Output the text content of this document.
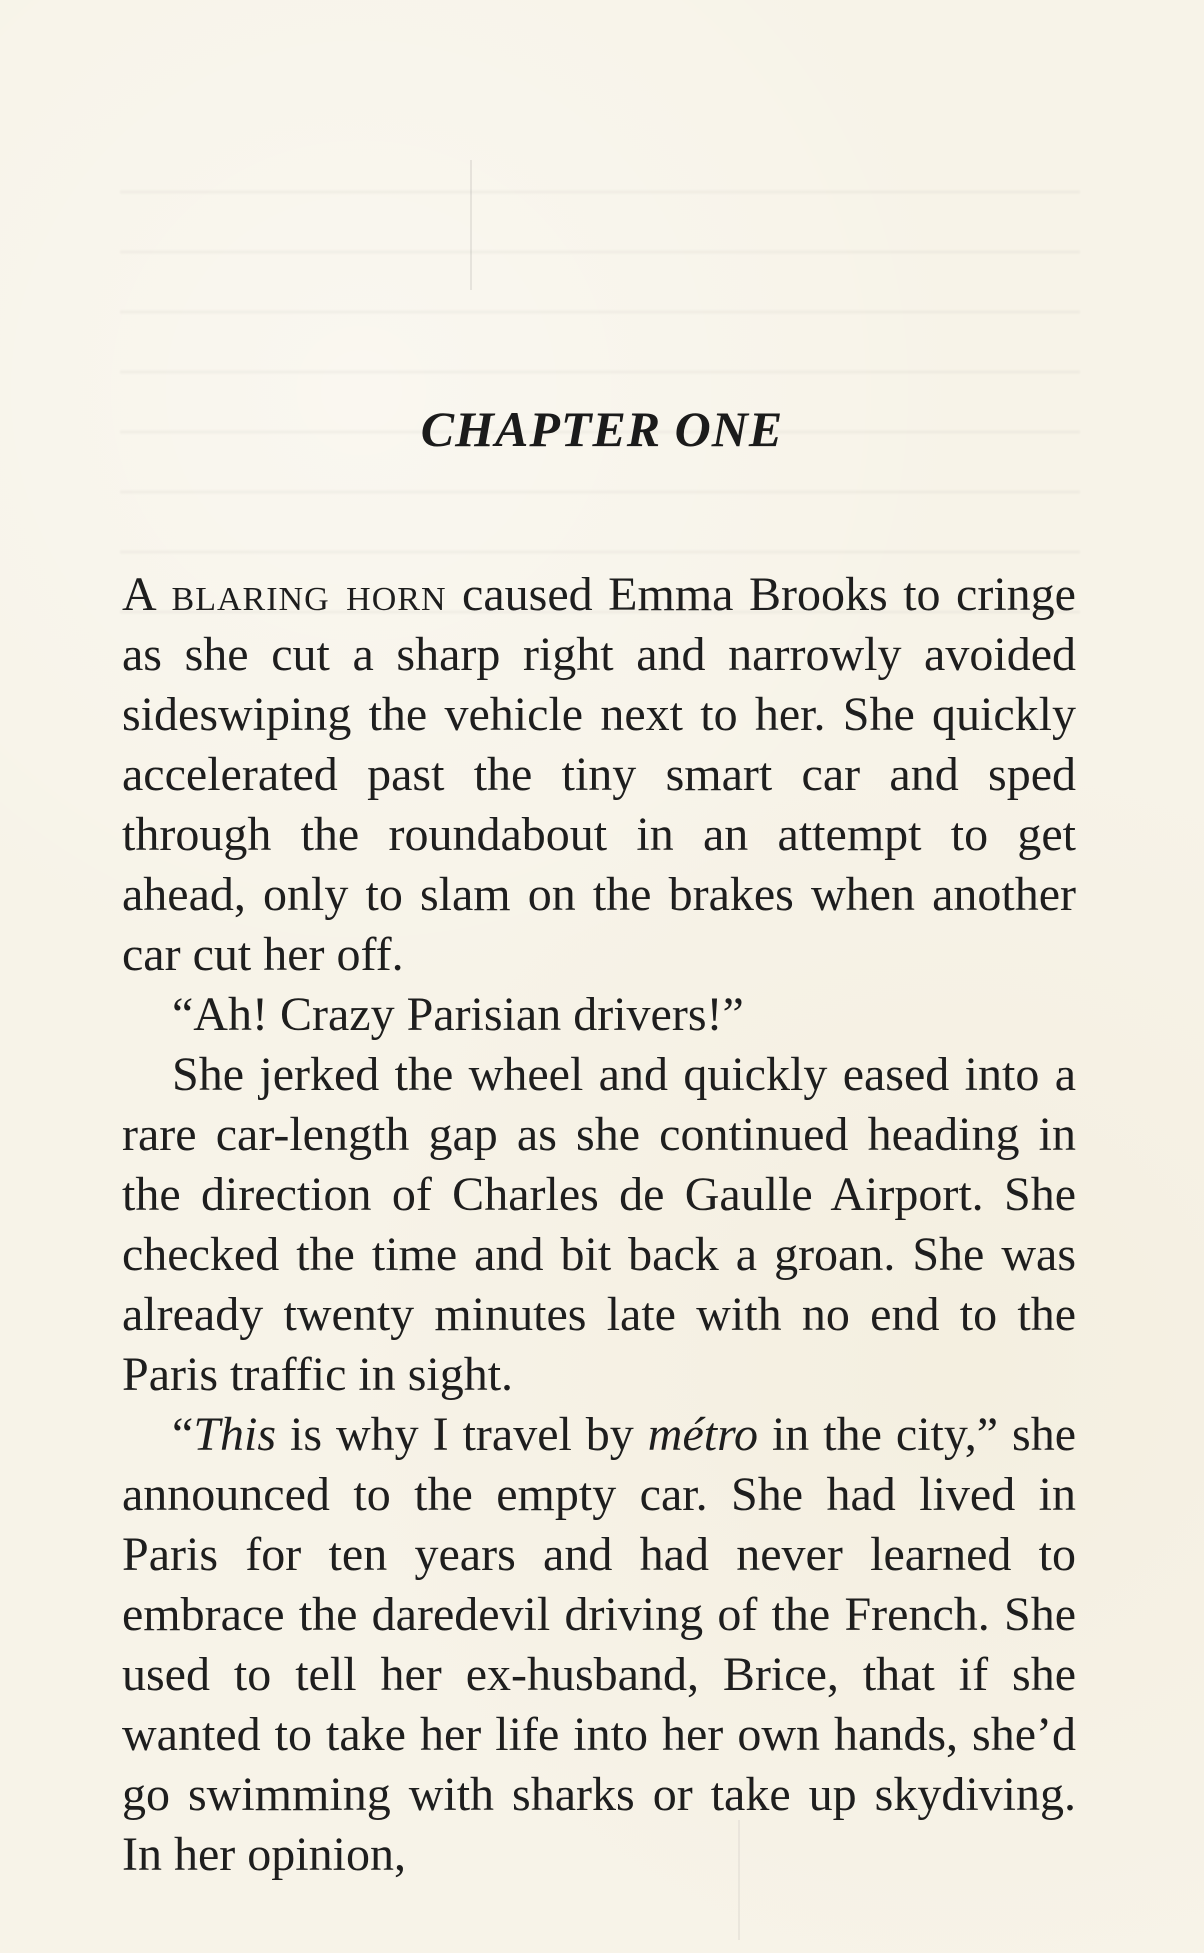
CHAPTER ONE

A blaring horn caused Emma Brooks to cringe as she cut a sharp right and narrowly avoided sideswiping the vehicle next to her. She quickly accelerated past the tiny smart car and sped through the roundabout in an attempt to get ahead, only to slam on the brakes when another car cut her off.

“Ah! Crazy Parisian drivers!”

She jerked the wheel and quickly eased into a rare car-length gap as she continued heading in the direction of Charles de Gaulle Airport. She checked the time and bit back a groan. She was already twenty minutes late with no end to the Paris traffic in sight.

“This is why I travel by métro in the city,” she announced to the empty car. She had lived in Paris for ten years and had never learned to embrace the daredevil driving of the French. She used to tell her ex-husband, Brice, that if she wanted to take her life into her own hands, she’d go swimming with sharks or take up skydiving. In her opinion,
